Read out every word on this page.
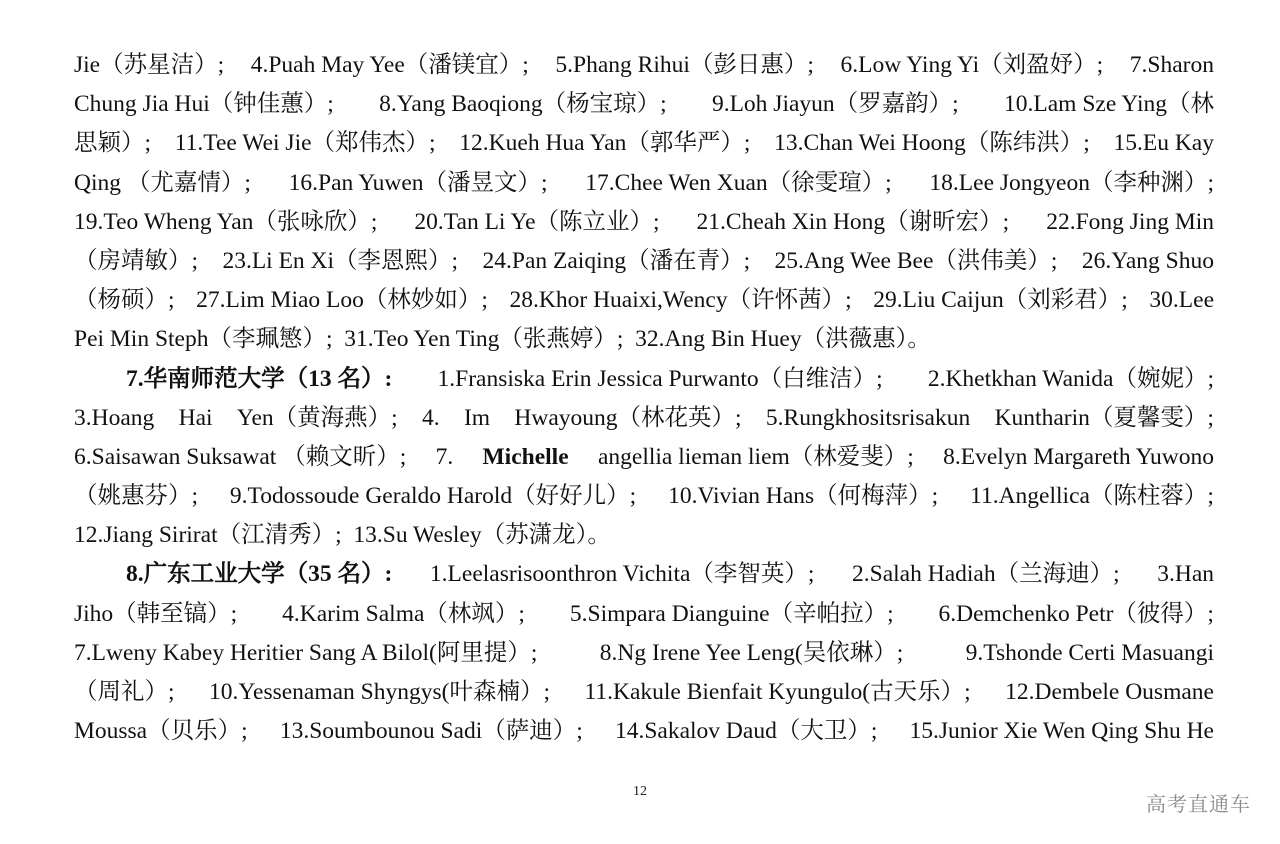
Jie（苏星洁）; 4.Puah May Yee（潘镁宜）; 5.Phang Rihui（彭日惠）; 6.Low Ying Yi（刘盈妤）; 7.Sharon
Chung Jia Hui（钟佳蕙）; 8.Yang Baoqiong（杨宝琼）; 9.Loh Jiayun（罗嘉韵）; 10.Lam Sze Ying（林
思颖）; 11.Tee Wei Jie（郑伟杰）; 12.Kueh Hua Yan（郭华严）; 13.Chan Wei Hoong（陈纬洪）; 15.Eu Kay
Qing （尤嘉情）; 16.Pan Yuwen（潘昱文）; 17.Chee Wen Xuan（徐雯瑄）; 18.Lee Jongyeon（李种渊）;
19.Teo Wheng Yan（张咏欣）; 20.Tan Li Ye（陈立业）; 21.Cheah Xin Hong（谢昕宏）; 22.Fong Jing Min
（房靖敏）; 23.Li En Xi（李恩熙）; 24.Pan Zaiqing（潘在青）; 25.Ang Wee Bee（洪伟美）; 26.Yang Shuo
（杨硕）; 27.Lim Miao Loo（林妙如）; 28.Khor Huaixi,Wency（许怀茜）; 29.Liu Caijun（刘彩君）; 30.Lee
Pei Min Steph（李珮慜）; 31.Teo Yen Ting（张燕婷）; 32.Ang Bin Huey（洪薇惠）。
7.华南师范大学（13 名）: 1.Fransiska Erin Jessica Purwanto（白维洁）; 2.Khetkhan Wanida（婉妮）;
3.Hoang Hai Yen（黄海燕）; 4. Im Hwayoung（林花英）; 5.Rungkhositsrisakun Kuntharin（夏馨雯）;
6.Saisawan Suksawat （赖文昕）; 7. Michelle angellia lieman liem（林爱斐）; 8.Evelyn Margareth Yuwono
（姚惠芬）; 9.Todossoude Geraldo Harold（好好儿）; 10.Vivian Hans（何梅萍）; 11.Angellica（陈柱蓉）;
12.Jiang Sirirat（江清秀）; 13.Su Wesley（苏潇龙）。
8.广东工业大学（35 名）: 1.Leelasrisoonthron Vichita（李智英）; 2.Salah Hadiah（兰海迪）; 3.Han
Jiho（韩至镐）; 4.Karim Salma（林飒）; 5.Simpara Dianguine（辛帕拉）; 6.Demchenko Petr（彼得）;
7.Lweny Kabey Heritier Sang A Bilol(阿里提）;	8.Ng Irene Yee Leng(吴依琳）;	9.Tshonde Certi Masuangi
（周礼）; 10.Yessenaman Shyngys(叶森楠）; 11.Kakule Bienfait Kyungulo(古天乐）; 12.Dembele Ousmane
Moussa（贝乐）; 13.Soumbounou Sadi（萨迪）; 14.Sakalov Daud（大卫）; 15.Junior Xie Wen Qing Shu He
12
高考直通车
